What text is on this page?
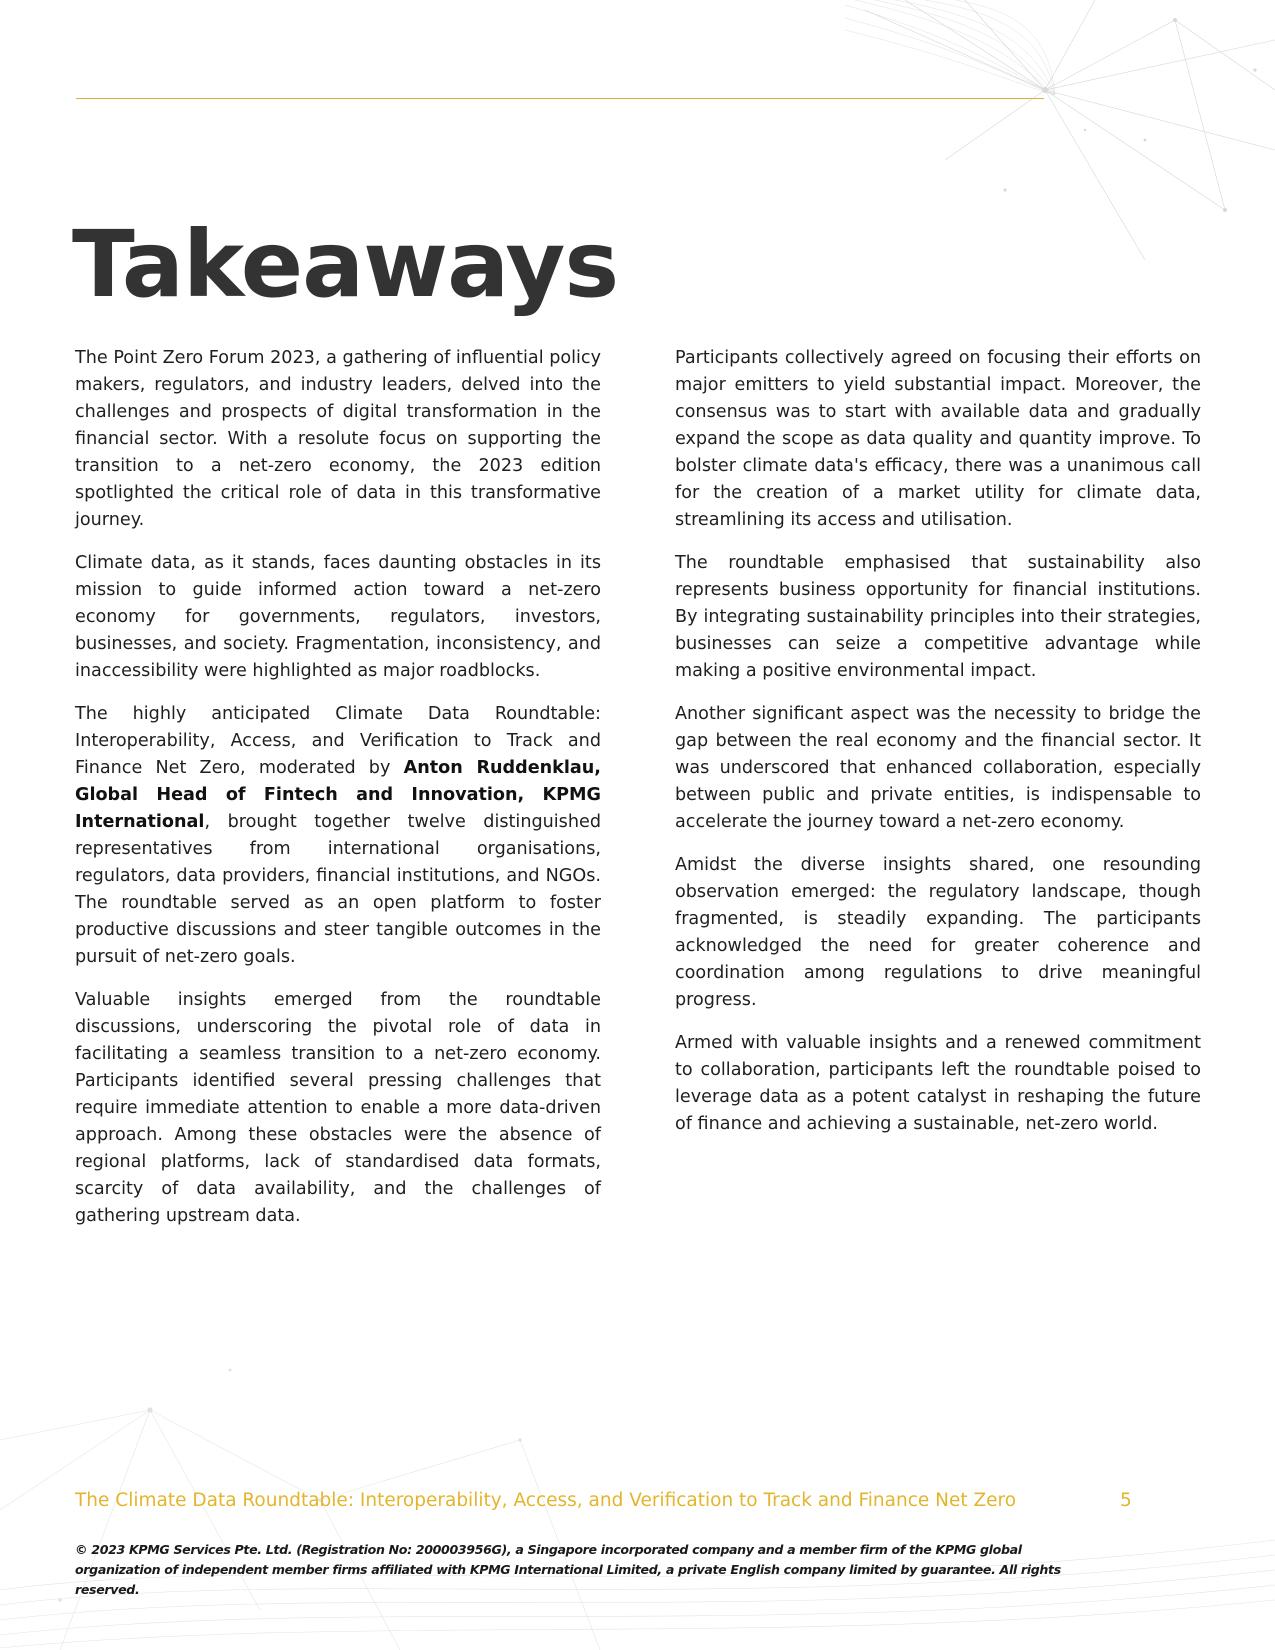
Takeaways

The Point Zero Forum 2023, a gathering of influential policy makers, regulators, and industry leaders, delved into the challenges and prospects of digital transformation in the financial sector. With a resolute focus on supporting the transition to a net-zero economy, the 2023 edition spotlighted the critical role of data in this transformative journey.

Climate data, as it stands, faces daunting obstacles in its mission to guide informed action toward a net-zero economy for governments, regulators, investors, businesses, and society. Fragmentation, inconsistency, and inaccessibility were highlighted as major roadblocks.

The highly anticipated Climate Data Roundtable: Interoperability, Access, and Verification to Track and Finance Net Zero, moderated by Anton Ruddenklau, Global Head of Fintech and Innovation, KPMG International, brought together twelve distinguished representatives from international organisations, regulators, data providers, financial institutions, and NGOs. The roundtable served as an open platform to foster productive discussions and steer tangible outcomes in the pursuit of net-zero goals.

Valuable insights emerged from the roundtable discussions, underscoring the pivotal role of data in facilitating a seamless transition to a net-zero economy. Participants identified several pressing challenges that require immediate attention to enable a more data-driven approach. Among these obstacles were the absence of regional platforms, lack of standardised data formats, scarcity of data availability, and the challenges of gathering upstream data.

Participants collectively agreed on focusing their efforts on major emitters to yield substantial impact. Moreover, the consensus was to start with available data and gradually expand the scope as data quality and quantity improve. To bolster climate data's efficacy, there was a unanimous call for the creation of a market utility for climate data, streamlining its access and utilisation.

The roundtable emphasised that sustainability also represents business opportunity for financial institutions. By integrating sustainability principles into their strategies, businesses can seize a competitive advantage while making a positive environmental impact.

Another significant aspect was the necessity to bridge the gap between the real economy and the financial sector. It was underscored that enhanced collaboration, especially between public and private entities, is indispensable to accelerate the journey toward a net-zero economy.

Amidst the diverse insights shared, one resounding observation emerged: the regulatory landscape, though fragmented, is steadily expanding. The participants acknowledged the need for greater coherence and coordination among regulations to drive meaningful progress.

Armed with valuable insights and a renewed commitment to collaboration, participants left the roundtable poised to leverage data as a potent catalyst in reshaping the future of finance and achieving a sustainable, net-zero world.

The Climate Data Roundtable: Interoperability, Access, and Verification to Track and Finance Net Zero	5
© 2023 KPMG Services Pte. Ltd. (Registration No: 200003956G), a Singapore incorporated company and a member firm of the KPMG global organization of independent member firms affiliated with KPMG International Limited, a private English company limited by guarantee. All rights reserved.
